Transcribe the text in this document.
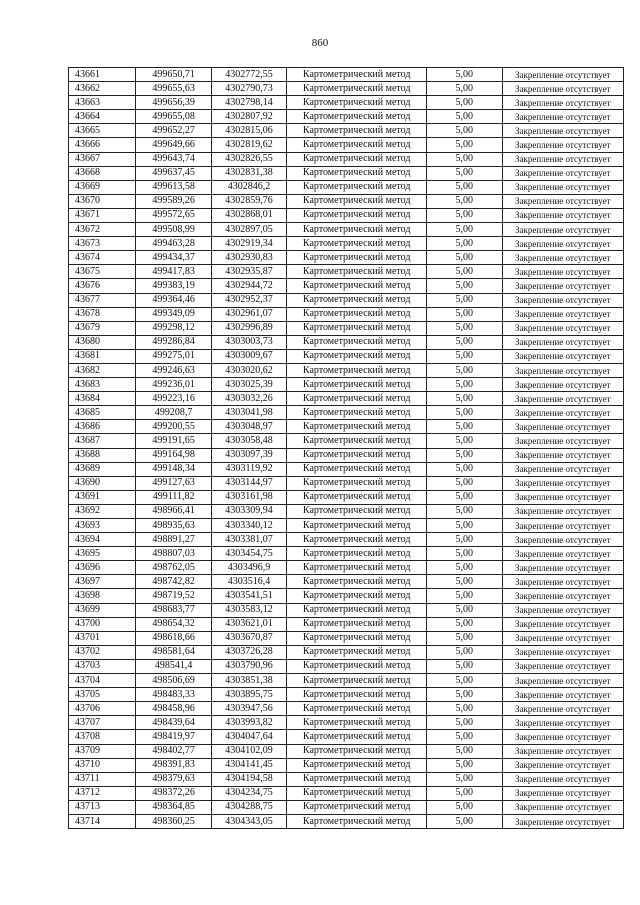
860
43661	499650,71	4302772,55	Картометрический метод	5,00	Закрепление отсутствует
43662	499655,63	4302790,73	Картометрический метод	5,00	Закрепление отсутствует
43663	499656,39	4302798,14	Картометрический метод	5,00	Закрепление отсутствует
43664	499655,08	4302807,92	Картометрический метод	5,00	Закрепление отсутствует
43665	499652,27	4302815,06	Картометрический метод	5,00	Закрепление отсутствует
43666	499649,66	4302819,62	Картометрический метод	5,00	Закрепление отсутствует
43667	499643,74	4302826,55	Картометрический метод	5,00	Закрепление отсутствует
43668	499637,45	4302831,38	Картометрический метод	5,00	Закрепление отсутствует
43669	499613,58	4302846,2	Картометрический метод	5,00	Закрепление отсутствует
43670	499589,26	4302859,76	Картометрический метод	5,00	Закрепление отсутствует
43671	499572,65	4302868,01	Картометрический метод	5,00	Закрепление отсутствует
43672	499508,99	4302897,05	Картометрический метод	5,00	Закрепление отсутствует
43673	499463,28	4302919,34	Картометрический метод	5,00	Закрепление отсутствует
43674	499434,37	4302930,83	Картометрический метод	5,00	Закрепление отсутствует
43675	499417,83	4302935,87	Картометрический метод	5,00	Закрепление отсутствует
43676	499383,19	4302944,72	Картометрический метод	5,00	Закрепление отсутствует
43677	499364,46	4302952,37	Картометрический метод	5,00	Закрепление отсутствует
43678	499349,09	4302961,07	Картометрический метод	5,00	Закрепление отсутствует
43679	499298,12	4302996,89	Картометрический метод	5,00	Закрепление отсутствует
43680	499286,84	4303003,73	Картометрический метод	5,00	Закрепление отсутствует
43681	499275,01	4303009,67	Картометрический метод	5,00	Закрепление отсутствует
43682	499246,63	4303020,62	Картометрический метод	5,00	Закрепление отсутствует
43683	499236,01	4303025,39	Картометрический метод	5,00	Закрепление отсутствует
43684	499223,16	4303032,26	Картометрический метод	5,00	Закрепление отсутствует
43685	499208,7	4303041,98	Картометрический метод	5,00	Закрепление отсутствует
43686	499200,55	4303048,97	Картометрический метод	5,00	Закрепление отсутствует
43687	499191,65	4303058,48	Картометрический метод	5,00	Закрепление отсутствует
43688	499164,98	4303097,39	Картометрический метод	5,00	Закрепление отсутствует
43689	499148,34	4303119,92	Картометрический метод	5,00	Закрепление отсутствует
43690	499127,63	4303144,97	Картометрический метод	5,00	Закрепление отсутствует
43691	499111,82	4303161,98	Картометрический метод	5,00	Закрепление отсутствует
43692	498966,41	4303309,94	Картометрический метод	5,00	Закрепление отсутствует
43693	498935,63	4303340,12	Картометрический метод	5,00	Закрепление отсутствует
43694	498891,27	4303381,07	Картометрический метод	5,00	Закрепление отсутствует
43695	498807,03	4303454,75	Картометрический метод	5,00	Закрепление отсутствует
43696	498762,05	4303496,9	Картометрический метод	5,00	Закрепление отсутствует
43697	498742,82	4303516,4	Картометрический метод	5,00	Закрепление отсутствует
43698	498719,52	4303541,51	Картометрический метод	5,00	Закрепление отсутствует
43699	498683,77	4303583,12	Картометрический метод	5,00	Закрепление отсутствует
43700	498654,32	4303621,01	Картометрический метод	5,00	Закрепление отсутствует
43701	498618,66	4303670,87	Картометрический метод	5,00	Закрепление отсутствует
43702	498581,64	4303726,28	Картометрический метод	5,00	Закрепление отсутствует
43703	498541,4	4303790,96	Картометрический метод	5,00	Закрепление отсутствует
43704	498506,69	4303851,38	Картометрический метод	5,00	Закрепление отсутствует
43705	498483,33	4303895,75	Картометрический метод	5,00	Закрепление отсутствует
43706	498458,96	4303947,56	Картометрический метод	5,00	Закрепление отсутствует
43707	498439,64	4303993,82	Картометрический метод	5,00	Закрепление отсутствует
43708	498419,97	4304047,64	Картометрический метод	5,00	Закрепление отсутствует
43709	498402,77	4304102,09	Картометрический метод	5,00	Закрепление отсутствует
43710	498391,83	4304141,45	Картометрический метод	5,00	Закрепление отсутствует
43711	498379,63	4304194,58	Картометрический метод	5,00	Закрепление отсутствует
43712	498372,26	4304234,75	Картометрический метод	5,00	Закрепление отсутствует
43713	498364,85	4304288,75	Картометрический метод	5,00	Закрепление отсутствует
43714	498360,25	4304343,05	Картометрический метод	5,00	Закрепление отсутствует
